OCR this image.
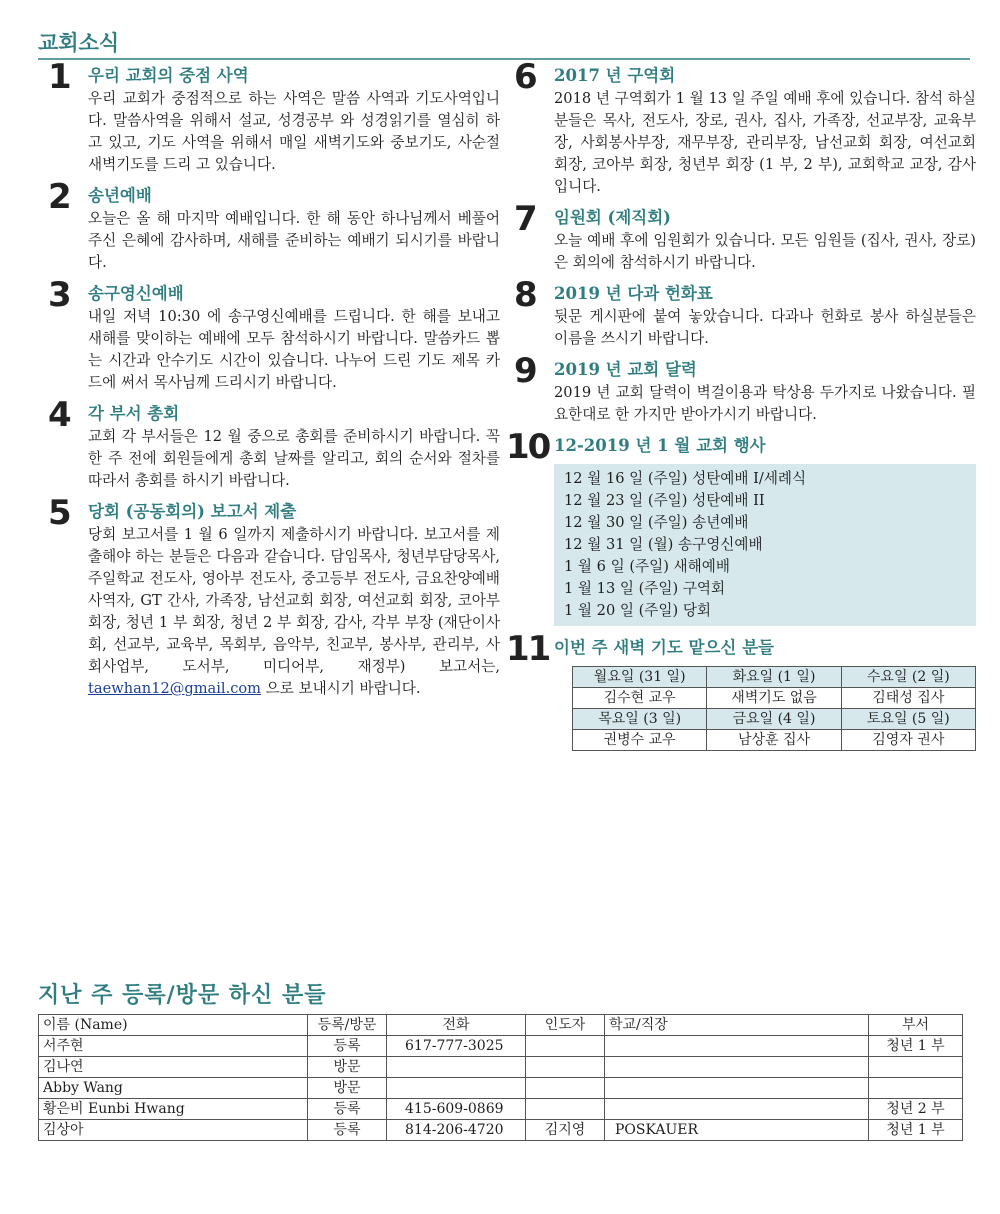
교회소식
1 우리 교회의 중점 사역

우리 교회가 중점적으로 하는 사역은 말씀 사역과 기도사역입니다. 말씀사역을 위해서 설교, 성경공부 와 성경읽기를 열심히 하고 있고, 기도 사역을 위해서 매일 새벽기도와 중보기도, 사순절 새벽기도를 드리 고 있습니다.

2 송년예배

오늘은 올 해 마지막 예배입니다. 한 해 동안 하나님께서 베풀어주신 은혜에 감사하며, 새해를 준비하는 예배기 되시기를 바랍니다.

3 송구영신예배

내일 저녁 10:30 에 송구영신예배를 드립니다. 한 해를 보내고 새해를 맞이하는 예배에 모두 참석하시기 바랍니다. 말씀카드 뽑는 시간과 안수기도 시간이 있습니다. 나누어 드린 기도 제목 카드에 써서 목사님께 드리시기 바랍니다.

4 각 부서 총회

교회 각 부서들은 12 월 중으로 총회를 준비하시기 바랍니다. 꼭 한 주 전에 회원들에게 총회 날짜를 알리고, 회의 순서와 절차를 따라서 총회를 하시기 바랍니다.

5 당회 (공동회의) 보고서 제출

당회 보고서를 1 월 6 일까지 제출하시기 바랍니다. 보고서를 제출해야 하는 분들은 다음과 같습니다. 담임목사, 청년부담당목사, 주일학교 전도사, 영아부 전도사, 중고등부 전도사, 금요찬양예배 사역자, GT 간사, 가족장, 남선교회 회장, 여선교회 회장, 코아부 회장, 청년 1 부 회장, 청년 2 부 회장, 감사, 각부 부장 (재단이사회, 선교부, 교육부, 목회부, 음악부, 친교부, 봉사부, 관리부, 사회사업부, 도서부, 미디어부, 재정부) 보고서는, taewhan12@gmail.com 으로 보내시기 바랍니다.

6 2017 년 구역회

2018 년 구역회가 1 월 13 일 주일 예배 후에 있습니다. 참석 하실 분들은 목사, 전도사, 장로, 권사, 집사, 가족장, 선교부장, 교육부장, 사회봉사부장, 재무부장, 관리부장, 남선교회 회장, 여선교회 회장, 코아부 회장, 청년부 회장 (1 부, 2 부), 교회학교 교장, 감사입니다.

7 임원회 (제직회)

오늘 예배 후에 임원회가 있습니다. 모든 임원들 (집사, 권사, 장로)은 회의에 참석하시기 바랍니다.

8 2019 년 다과 헌화표

뒷문 게시판에 붙여 놓았습니다. 다과나 헌화로 봉사 하실분들은 이름을 쓰시기 바랍니다.

9 2019 년 교회 달력

2019 년 교회 달력이 벽걸이용과 탁상용 두가지로 나왔습니다. 필요한대로 한 가지만 받아가시기 바랍니다.

10 12-2019 년 1 월 교회 행사
12 월 16 일 (주일) 성탄예배 I/세례식
12 월 23 일 (주일) 성탄예배 II
12 월 30 일 (주일) 송년예배
12 월 31 일 (월) 송구영신예배
1 월 6 일 (주일) 새해예배
1 월 13 일 (주일) 구역회
1 월 20 일 (주일) 당회
11 이번 주 새벽 기도 맡으신 분들
월요일 (31 일)	화요일 (1 일)	수요일 (2 일)
김수현 교우	새벽기도 없음	김태성 집사
목요일 (3 일)	금요일 (4 일)	토요일 (5 일)
권병수 교우	남상훈 집사	김영자 권사
지난 주 등록/방문 하신 분들
이름 (Name)	등록/방문	전화	인도자	학교/직장	부서
서주현	등록	617-777-3025			청년 1 부
김나연	방문				
Abby Wang	방문				
황은비 Eunbi Hwang	등록	415-609-0869			청년 2 부
김상아	등록	814-206-4720	김지영	POSKAUER	청년 1 부
